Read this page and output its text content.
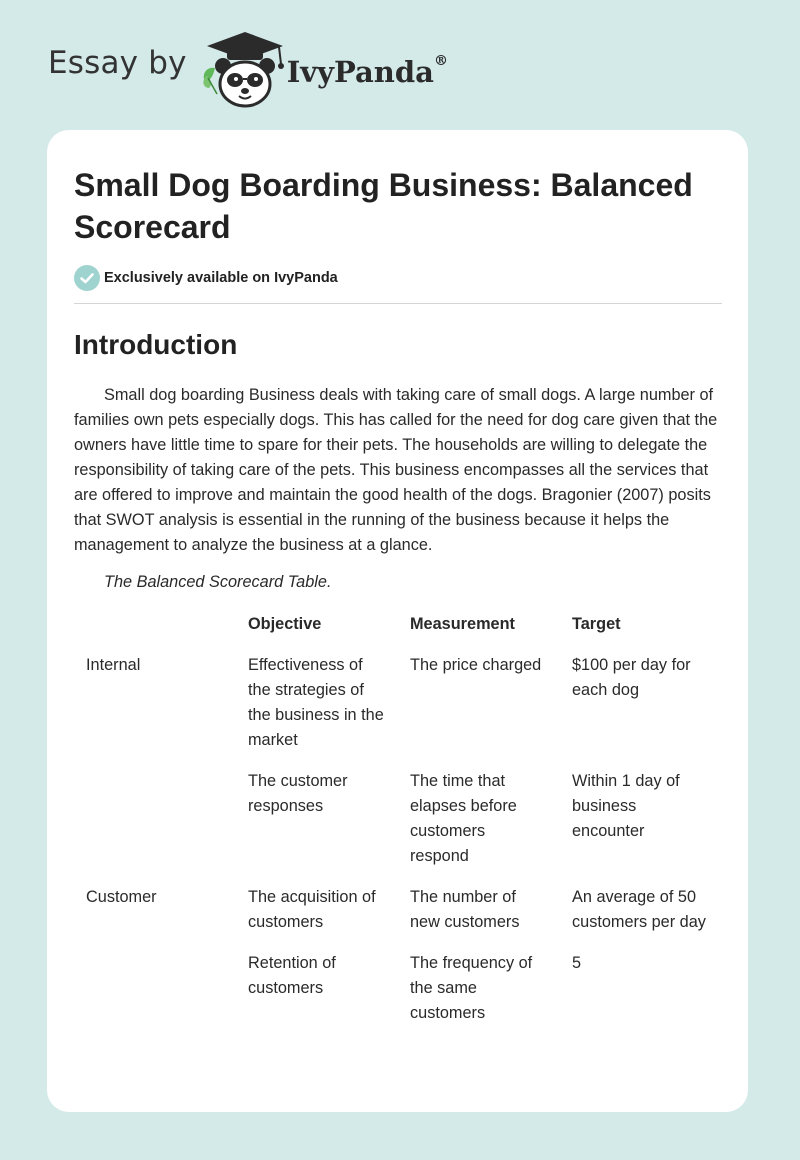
Essay by	IvyPanda®
Small Dog Boarding Business: Balanced Scorecard
Exclusively available on IvyPanda
Introduction

Small dog boarding Business deals with taking care of small dogs. A large number of families own pets especially dogs. This has called for the need for dog care given that the owners have little time to spare for their pets. The households are willing to delegate the responsibility of taking care of the pets. This business encompasses all the services that are offered to improve and maintain the good health of the dogs. Bragonier (2007) posits that SWOT analysis is essential in the running of the business because it helps the management to analyze the business at a glance.

The Balanced Scorecard Table.

	Objective	Measurement	Target
Internal	Effectiveness of the strategies of the business in the market	The price charged	$100 per day for each dog
	The customer responses	The time that elapses before customers respond	Within 1 day of business encounter
Customer	The acquisition of customers	The number of new customers	An average of 50 customers per day
	Retention of customers	The frequency of the same customers	5
